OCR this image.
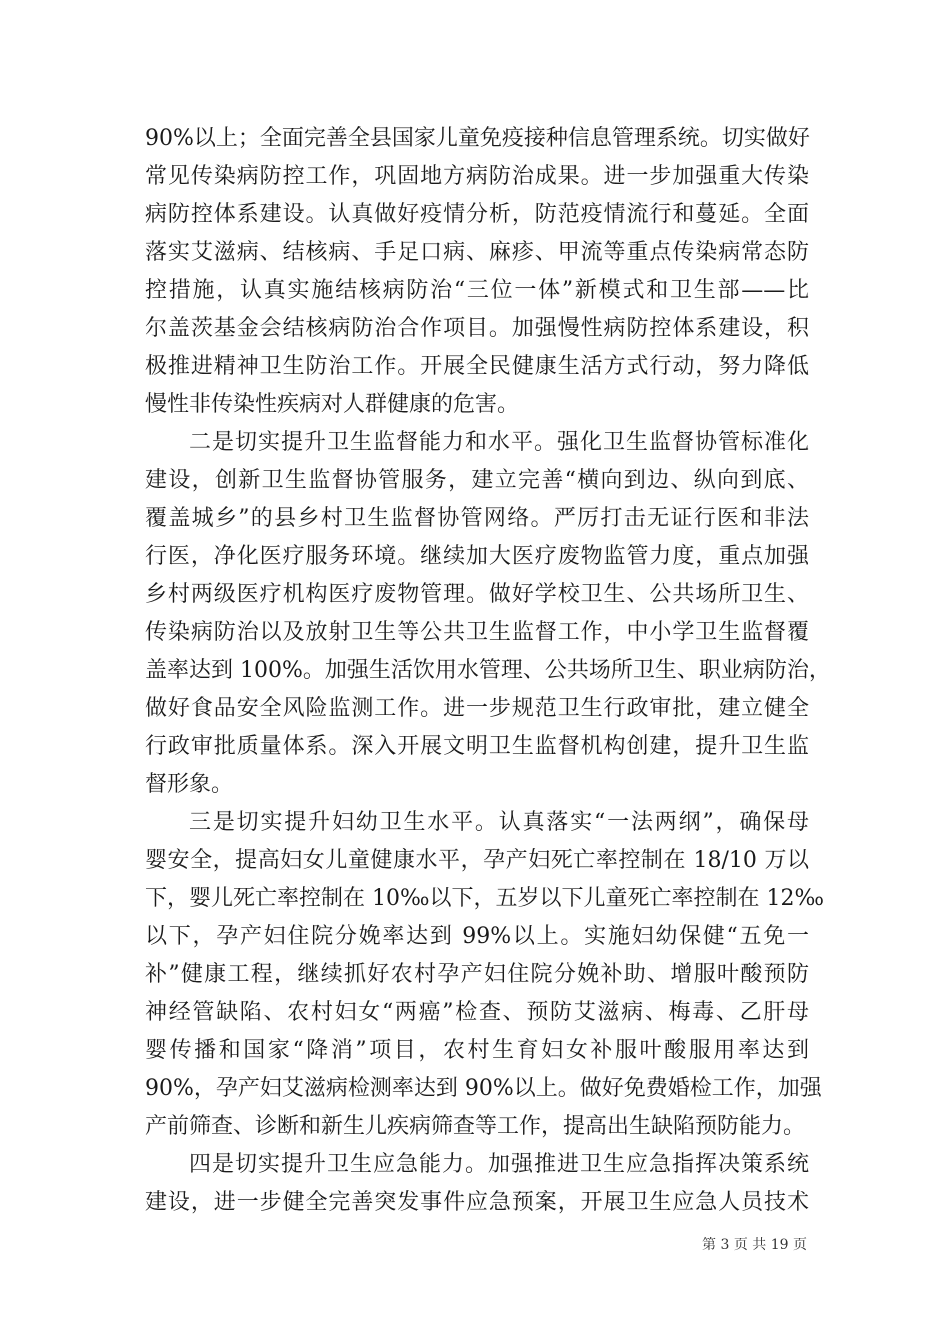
90%以上；全面完善全县国家儿童免疫接种信息管理系统。切实做好
常见传染病防控工作，巩固地方病防治成果。进一步加强重大传染
病防控体系建设。认真做好疫情分析，防范疫情流行和蔓延。全面
落实艾滋病、结核病、手足口病、麻疹、甲流等重点传染病常态防
控措施，认真实施结核病防治“三位一体”新模式和卫生部——比
尔盖茨基金会结核病防治合作项目。加强慢性病防控体系建设，积
极推进精神卫生防治工作。开展全民健康生活方式行动，努力降低
慢性非传染性疾病对人群健康的危害。
二是切实提升卫生监督能力和水平。强化卫生监督协管标准化
建设，创新卫生监督协管服务，建立完善“横向到边、纵向到底、
覆盖城乡”的县乡村卫生监督协管网络。严厉打击无证行医和非法
行医，净化医疗服务环境。继续加大医疗废物监管力度，重点加强
乡村两级医疗机构医疗废物管理。做好学校卫生、公共场所卫生、
传染病防治以及放射卫生等公共卫生监督工作，中小学卫生监督覆
盖率达到 100%。加强生活饮用水管理、公共场所卫生、职业病防治，
做好食品安全风险监测工作。进一步规范卫生行政审批，建立健全
行政审批质量体系。深入开展文明卫生监督机构创建，提升卫生监
督形象。
三是切实提升妇幼卫生水平。认真落实“一法两纲”，确保母
婴安全，提高妇女儿童健康水平，孕产妇死亡率控制在 18/10 万以
下，婴儿死亡率控制在 10‰以下，五岁以下儿童死亡率控制在 12‰
以下，孕产妇住院分娩率达到 99%以上。实施妇幼保健“五免一
补”健康工程，继续抓好农村孕产妇住院分娩补助、增服叶酸预防
神经管缺陷、农村妇女“两癌”检查、预防艾滋病、梅毒、乙肝母
婴传播和国家“降消”项目，农村生育妇女补服叶酸服用率达到
90%，孕产妇艾滋病检测率达到 90%以上。做好免费婚检工作，加强
产前筛查、诊断和新生儿疾病筛查等工作，提高出生缺陷预防能力。
四是切实提升卫生应急能力。加强推进卫生应急指挥决策系统
建设，进一步健全完善突发事件应急预案，开展卫生应急人员技术
第 3 页 共 19 页
